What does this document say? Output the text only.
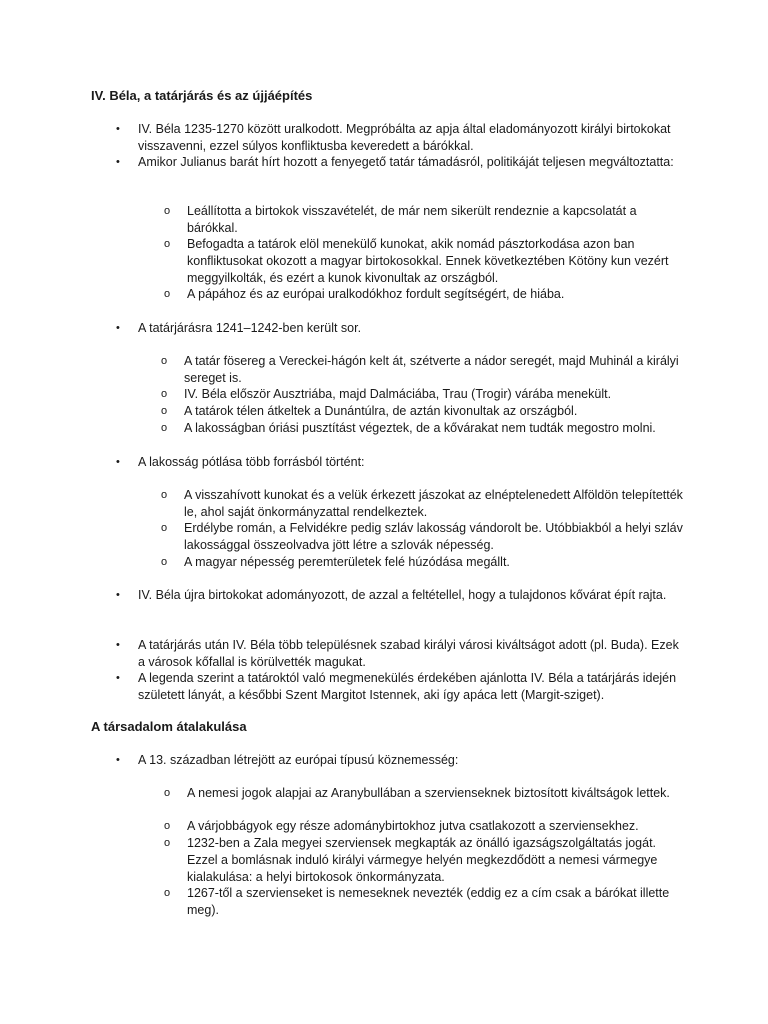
IV. Béla, a tatárjárás és az újjáépítés
• IV. Béla 1235-1270 között uralkodott. Megpróbálta az apja által eladományozott királyi birtokokat visszavenni, ezzel súlyos konfliktusba keveredett a bárókkal.
• Amikor Julianus barát hírt hozott a fenyegető tatár támadásról, politikáját teljesen megváltoztatta:
o Leállította a birtokok visszavételét, de már nem sikerült rendeznie a kapcsolatát a bárókkal.
o Befogadta a tatárok elöl menekülő kunokat, akik nomád pásztorkodása azon ban konfliktusokat okozott a magyar birtokosokkal. Ennek következtében Kötöny kun vezért meggyilkolták, és ezért a kunok kivonultak az országból.
o A pápához és az európai uralkodókhoz fordult segítségért, de hiába.
• A tatárjárásra 1241–1242-ben került sor.
o A tatár fösereg a Vereckei-hágón kelt át, szétverte a nádor seregét, majd Muhinál a királyi sereget is.
o IV. Béla először Ausztriába, majd Dalmáciába, Trau (Trogir) várába menekült.
o A tatárok télen átkeltek a Dunántúlra, de aztán kivonultak az országból.
o A lakosságban óriási pusztítást végeztek, de a kővárakat nem tudták megostro molni.
• A lakosság pótlása több forrásból történt:
o A visszahívott kunokat és a velük érkezett jászokat az elnéptelenedett Alföldön telepítették le, ahol saját önkormányzattal rendelkeztek.
o Erdélybe román, a Felvidékre pedig szláv lakosság vándorolt be. Utóbbiakból a helyi szláv lakossággal összeolvadva jött létre a szlovák népesség.
o A magyar népesség peremterületek felé húzódása megállt.
• IV. Béla újra birtokokat adományozott, de azzal a feltétellel, hogy a tulajdonos kővárat épít rajta.
• A tatárjárás után IV. Béla több településnek szabad királyi városi kiváltságot adott (pl. Buda). Ezek a városok kőfallal is körülvették magukat.
• A legenda szerint a tatároktól való megmenekülés érdekében ajánlotta IV. Béla a tatárjárás idején született lányát, a későbbi Szent Margitot Istennek, aki így apáca lett (Margit-sziget).
A társadalom átalakulása
• A 13. században létrejött az európai típusú köznemesség:
o A nemesi jogok alapjai az Aranybullában a szervienseknek biztosított kiváltságok lettek.
o A várjobbágyok egy része adománybirtokhoz jutva csatlakozott a szerviensekhez.
o 1232-ben a Zala megyei szerviensek megkapták az önálló igazságszolgáltatás jogát. Ezzel a bomlásnak induló királyi vármegye helyén megkezdődött a nemesi vármegye kialakulása: a helyi birtokosok önkormányzata.
o 1267-től a szervienseket is nemeseknek nevezték (eddig ez a cím csak a bárókat illette meg).
